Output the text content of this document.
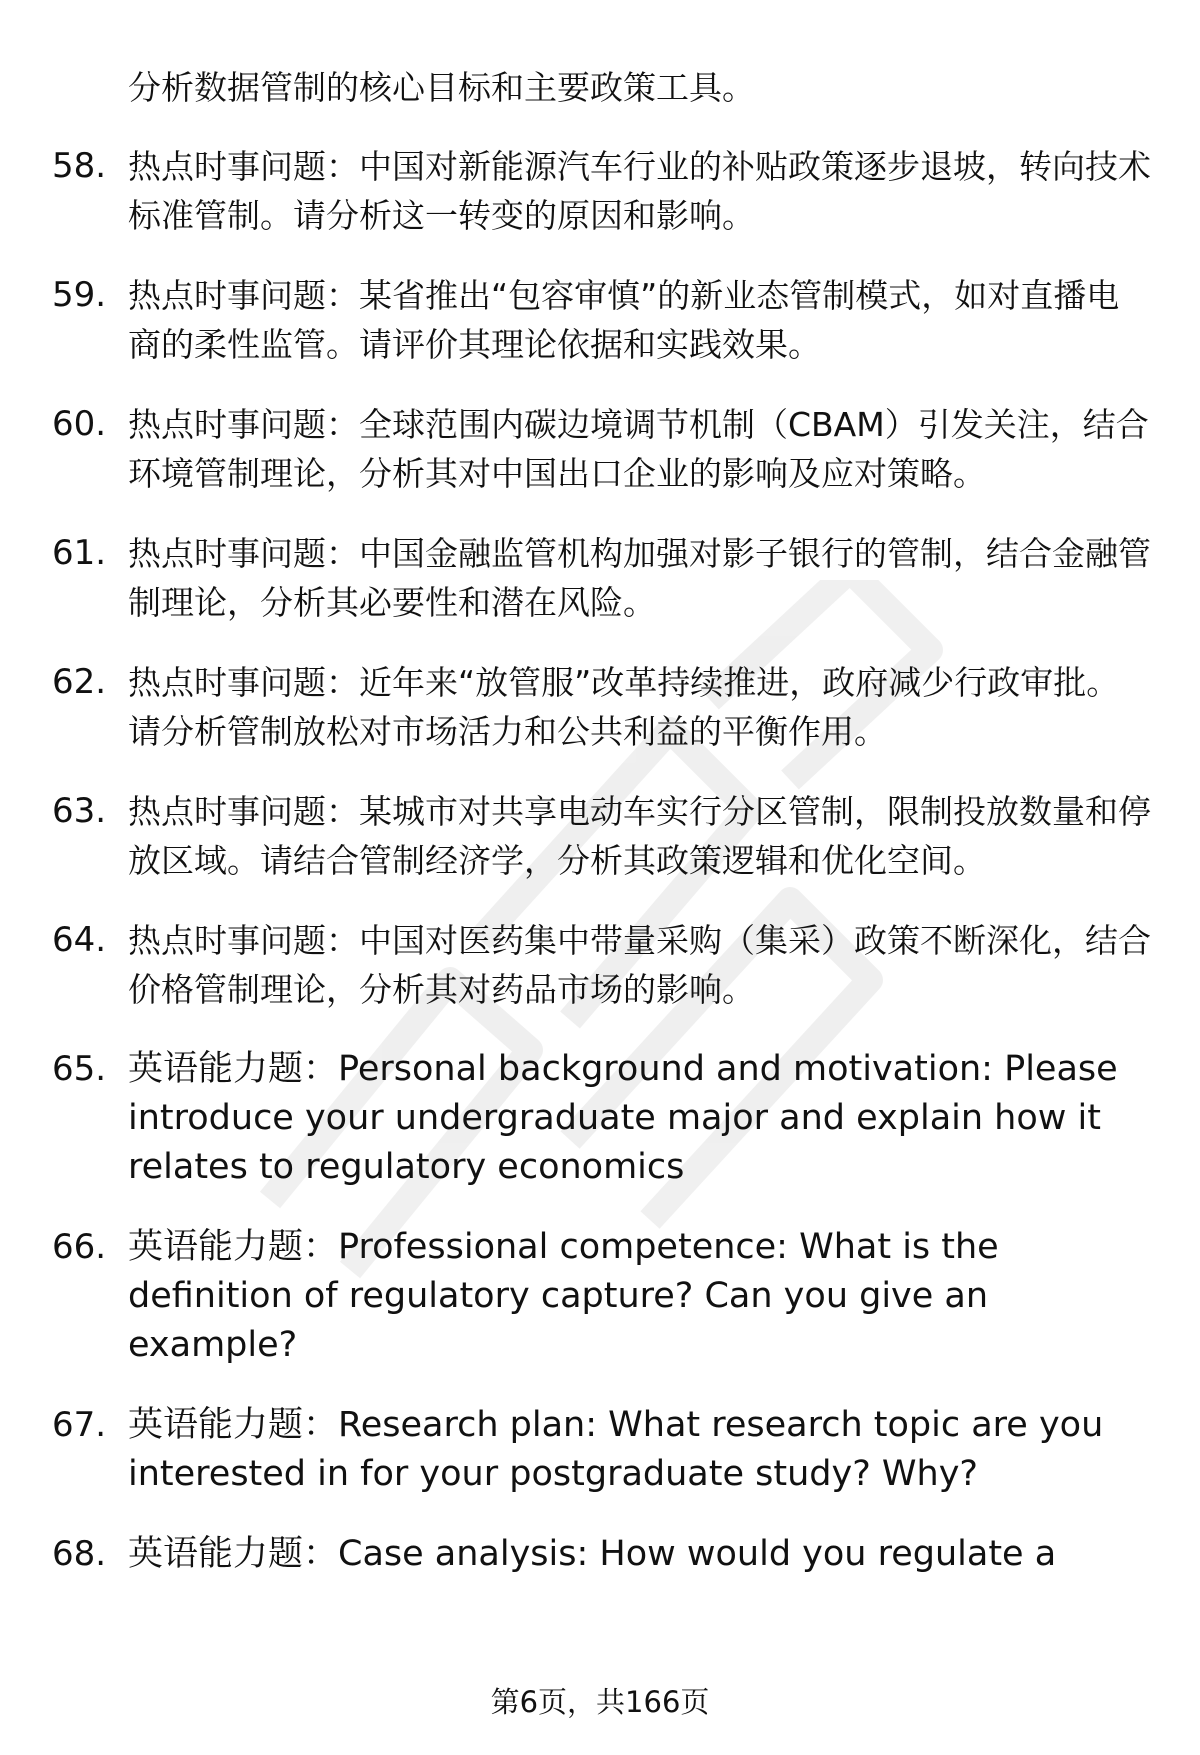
分析数据管制的核心目标和主要政策工具。

58. 热点时事问题：中国对新能源汽车行业的补贴政策逐步退坡，转向技术标准管制。请分析这一转变的原因和影响。
59. 热点时事问题：某省推出“包容审慎”的新业态管制模式，如对直播电商的柔性监管。请评价其理论依据和实践效果。
60. 热点时事问题：全球范围内碳边境调节机制（CBAM）引发关注，结合环境管制理论，分析其对中国出口企业的影响及应对策略。
61. 热点时事问题：中国金融监管机构加强对影子银行的管制，结合金融管制理论，分析其必要性和潜在风险。
62. 热点时事问题：近年来“放管服”改革持续推进，政府减少行政审批。请分析管制放松对市场活力和公共利益的平衡作用。
63. 热点时事问题：某城市对共享电动车实行分区管制，限制投放数量和停放区域。请结合管制经济学，分析其政策逻辑和优化空间。
64. 热点时事问题：中国对医药集中带量采购（集采）政策不断深化，结合价格管制理论，分析其对药品市场的影响。
65. 英语能力题：Personal background and motivation: Please introduce your undergraduate major and explain how it relates to regulatory economics
66. 英语能力题：Professional competence: What is the definition of regulatory capture? Can you give an example?
67. 英语能力题：Research plan: What research topic are you interested in for your postgraduate study? Why?
68. 英语能力题：Case analysis: How would you regulate a
第6页，共166页
